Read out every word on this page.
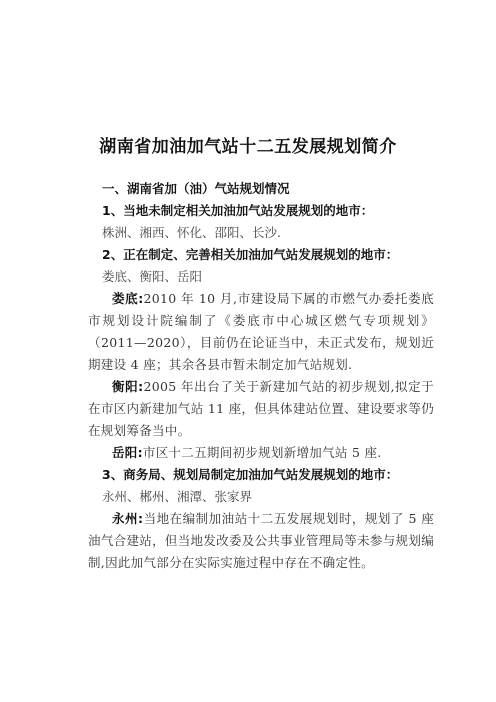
湖南省加油加气站十二五发展规划简介
一、湖南省加（油）气站规划情况
1、当地未制定相关加油加气站发展规划的地市：
株洲、湘西、怀化、邵阳、长沙.
2、正在制定、完善相关加油加气站发展规划的地市：
娄底、衡阳、岳阳

娄底:2010 年 10 月,市建设局下属的市燃气办委托娄底市规划设计院编制了《娄底市中心城区燃气专项规划》（2011—2020），目前仍在论证当中，未正式发布，规划近期建设 4 座；其余各县市暂未制定加气站规划.

衡阳:2005 年出台了关于新建加气站的初步规划,拟定于在市区内新建加气站 11 座，但具体建站位置、建设要求等仍在规划筹备当中。

岳阳:市区十二五期间初步规划新增加气站 5 座.

3、商务局、规划局制定加油加气站发展规划的地市：
永州、郴州、湘潭、张家界

永州:当地在编制加油站十二五发展规划时，规划了 5 座油气合建站，但当地发改委及公共事业管理局等未参与规划编制,因此加气部分在实际实施过程中存在不确定性。
